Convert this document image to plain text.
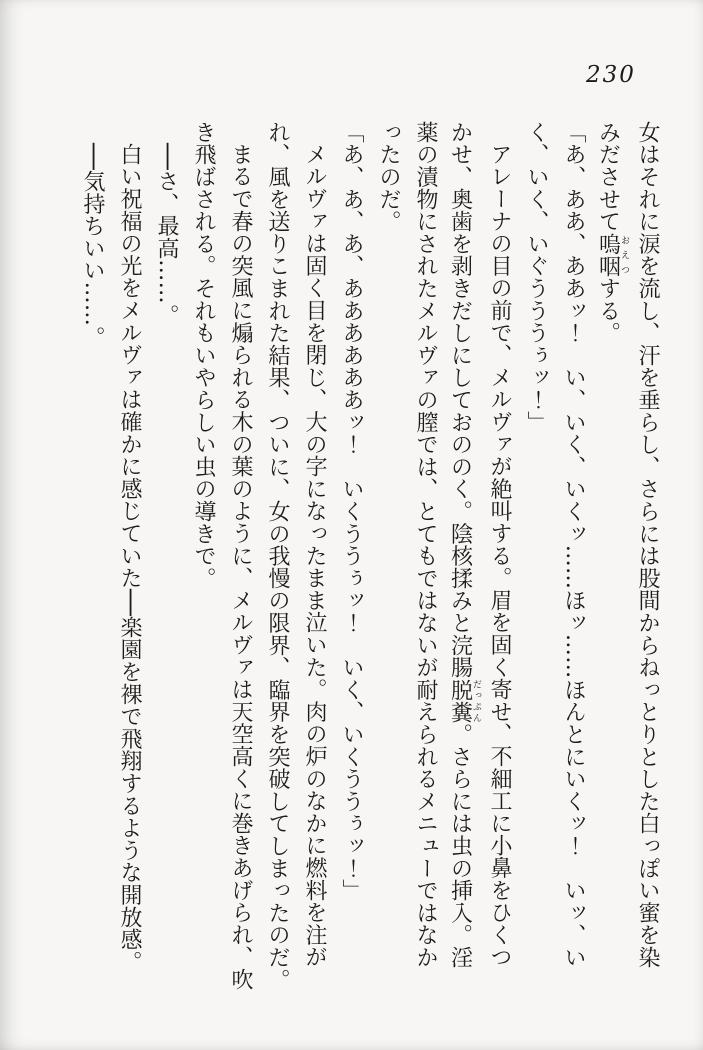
230
女はそれに涙を流し、汗を垂らし、さらには股間からねっとりとした白っぽい蜜を染
みださせて嗚咽おえつする。
「あ、ああ、ああッ！　い、いく、いくッ……ほッ……ほんとにいくッ！　いッ、い
く、いく、いぐうううぅッ！」
アレーナの目の前で、メルヴァが絶叫する。眉を固く寄せ、不細工に小鼻をひくつ
かせ、奥歯を剥きだしにしておののく。陰核揉みと浣腸脱糞だっぷん。さらには虫の挿入。淫
薬の漬物にされたメルヴァの膣では、とてもではないが耐えられるメニューではなか
ったのだ。
「あ、あ、あ、ああああああッ！　いくううぅッ！　いく、いくううぅッ！」
メルヴァは固く目を閉じ、大の字になったまま泣いた。肉の炉のなかに燃料を注が
れ、風を送りこまれた結果、ついに、女の我慢の限界、臨界を突破してしまったのだ。
まるで春の突風に煽られる木の葉のように、メルヴァは天空高くに巻きあげられ、吹
き飛ばされる。それもいやらしい虫の導きで。
──さ、最高……。
白い祝福の光をメルヴァは確かに感じていた──楽園を裸で飛翔するような開放感。
──気持ちいい……。
